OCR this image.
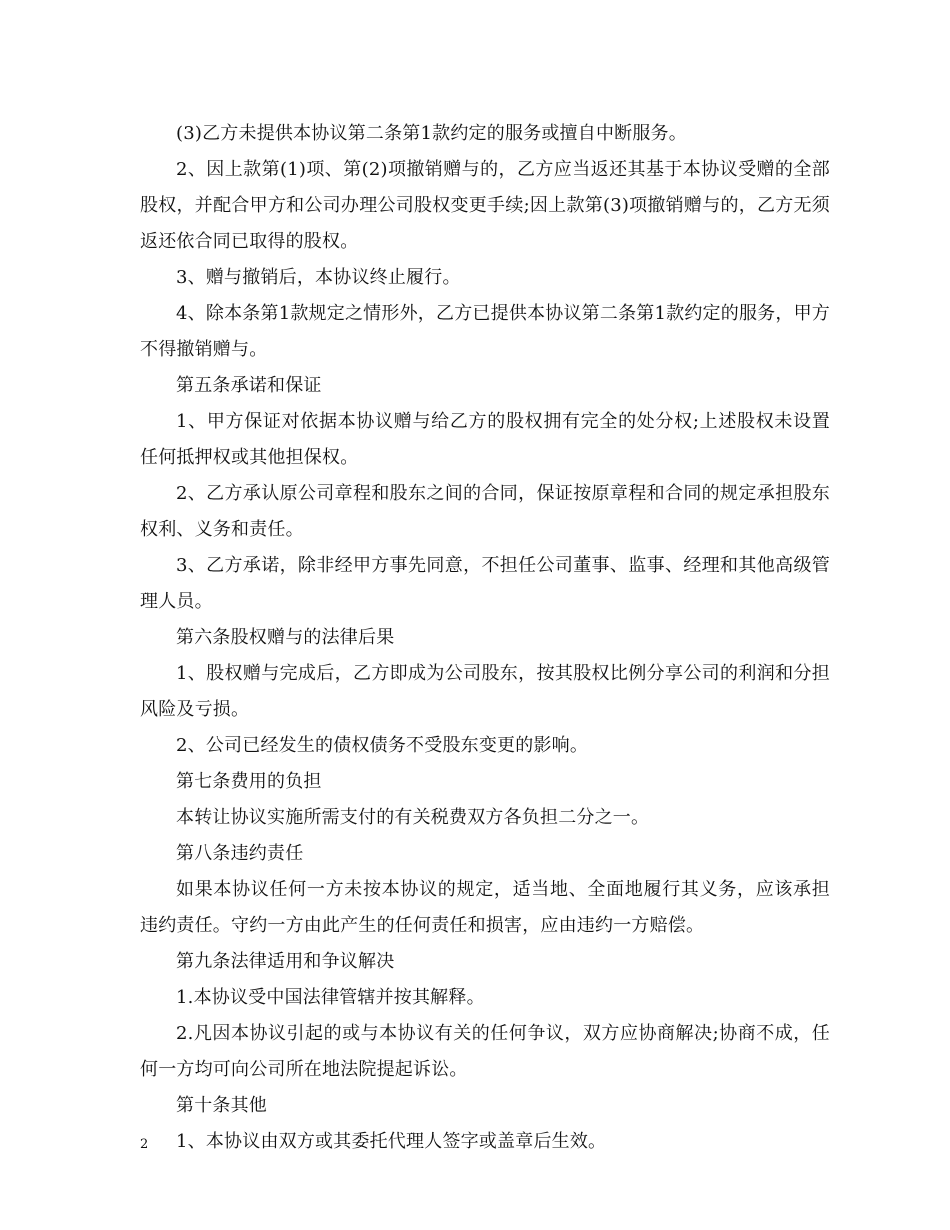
(3)乙方未提供本协议第二条第1款约定的服务或擅自中断服务。

2、因上款第(1)项、第(2)项撤销赠与的，乙方应当返还其基于本协议受赠的全部股权，并配合甲方和公司办理公司股权变更手续;因上款第(3)项撤销赠与的，乙方无须返还依合同已取得的股权。

3、赠与撤销后，本协议终止履行。

4、除本条第1款规定之情形外，乙方已提供本协议第二条第1款约定的服务，甲方不得撤销赠与。

第五条承诺和保证

1、甲方保证对依据本协议赠与给乙方的股权拥有完全的处分权;上述股权未设置任何抵押权或其他担保权。

2、乙方承认原公司章程和股东之间的合同，保证按原章程和合同的规定承担股东权利、义务和责任。

3、乙方承诺，除非经甲方事先同意，不担任公司董事、监事、经理和其他高级管理人员。

第六条股权赠与的法律后果

1、股权赠与完成后，乙方即成为公司股东，按其股权比例分享公司的利润和分担风险及亏损。

2、公司已经发生的债权债务不受股东变更的影响。

第七条费用的负担

本转让协议实施所需支付的有关税费双方各负担二分之一。

第八条违约责任

如果本协议任何一方未按本协议的规定，适当地、全面地履行其义务，应该承担违约责任。守约一方由此产生的任何责任和损害，应由违约一方赔偿。

第九条法律适用和争议解决

1.本协议受中国法律管辖并按其解释。

2.凡因本协议引起的或与本协议有关的任何争议，双方应协商解决;协商不成，任何一方均可向公司所在地法院提起诉讼。

第十条其他

1、本协议由双方或其委托代理人签字或盖章后生效。

2
